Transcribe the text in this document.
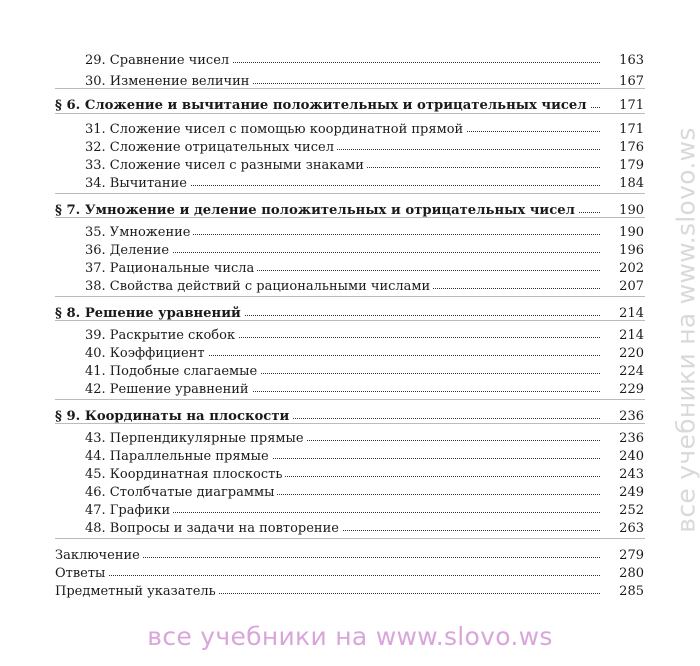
29. Сравнение чисел	163
30. Изменение величин	167
§ 6. Сложение и вычитание положительных и отрицательных чисел	171
31. Сложение чисел с помощью координатной прямой	171
32. Сложение отрицательных чисел	176
33. Сложение чисел с разными знаками	179
34. Вычитание	184
§ 7. Умножение и деление положительных и отрицательных чисел	190
35. Умножение	190
36. Деление	196
37. Рациональные числа	202
38. Свойства действий с рациональными числами	207
§ 8. Решение уравнений	214
39. Раскрытие скобок	214
40. Коэффициент	220
41. Подобные слагаемые	224
42. Решение уравнений	229
§ 9. Координаты на плоскости	236
43. Перпендикулярные прямые	236
44. Параллельные прямые	240
45. Координатная плоскость	243
46. Столбчатые диаграммы	249
47. Графики	252
48. Вопросы и задачи на повторение	263
Заключение	279
Ответы	280
Предметный указатель	285
все учебники на www.slovo.ws
все учебники на www.slovo.ws
